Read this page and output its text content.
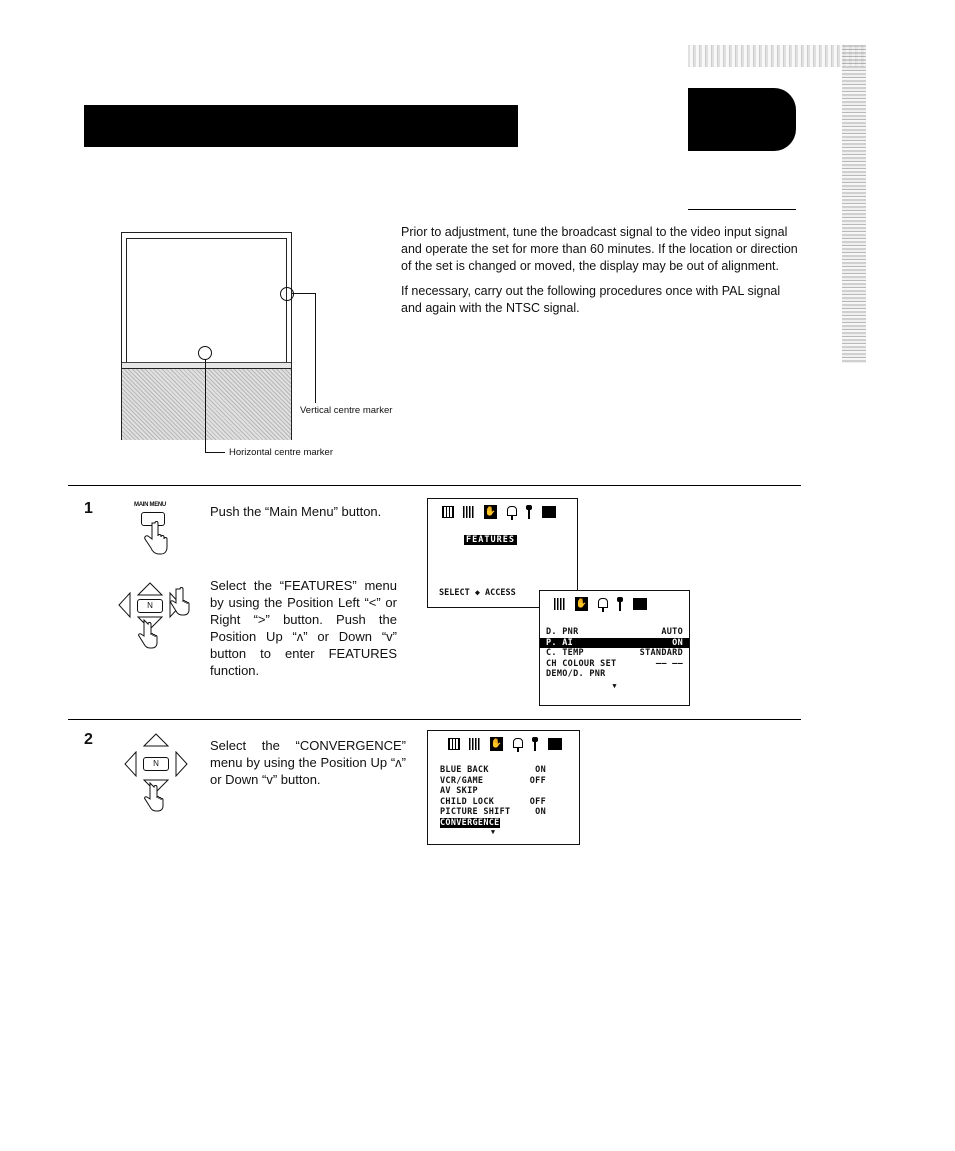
Prior to adjustment, tune the broadcast signal to the video input signal and operate the set for more than 60 minutes. If the location or direction of the set is changed or moved, the display may be out of alignment.

If necessary, carry out the following procedures once with PAL signal and again with the NTSC signal.

Vertical centre marker
Horizontal centre marker
1	MAIN MENU	Push the “Main Menu” button.
N
Select the “FEATURES” menu by using the Position Left “<” or Right “>” button. Push the Position Up “ʌ” or Down “v” button to enter FEATURES function.
✋
FEATURES
SELECT ◆ ACCESS
✋
D. PNR	AUTO
P. AI	ON
C. TEMP	STANDARD
CH COLOUR SET	‒‒ ‒‒
DEMO/D. PNR
▼
2
N
Select the “CONVERGENCE” menu by using the Position Up “ʌ” or Down “v” button.
✋
BLUE BACK	ON
VCR/GAME	OFF
AV SKIP
CHILD LOCK	OFF
PICTURE SHIFT	ON
CONVERGENCE
▼
